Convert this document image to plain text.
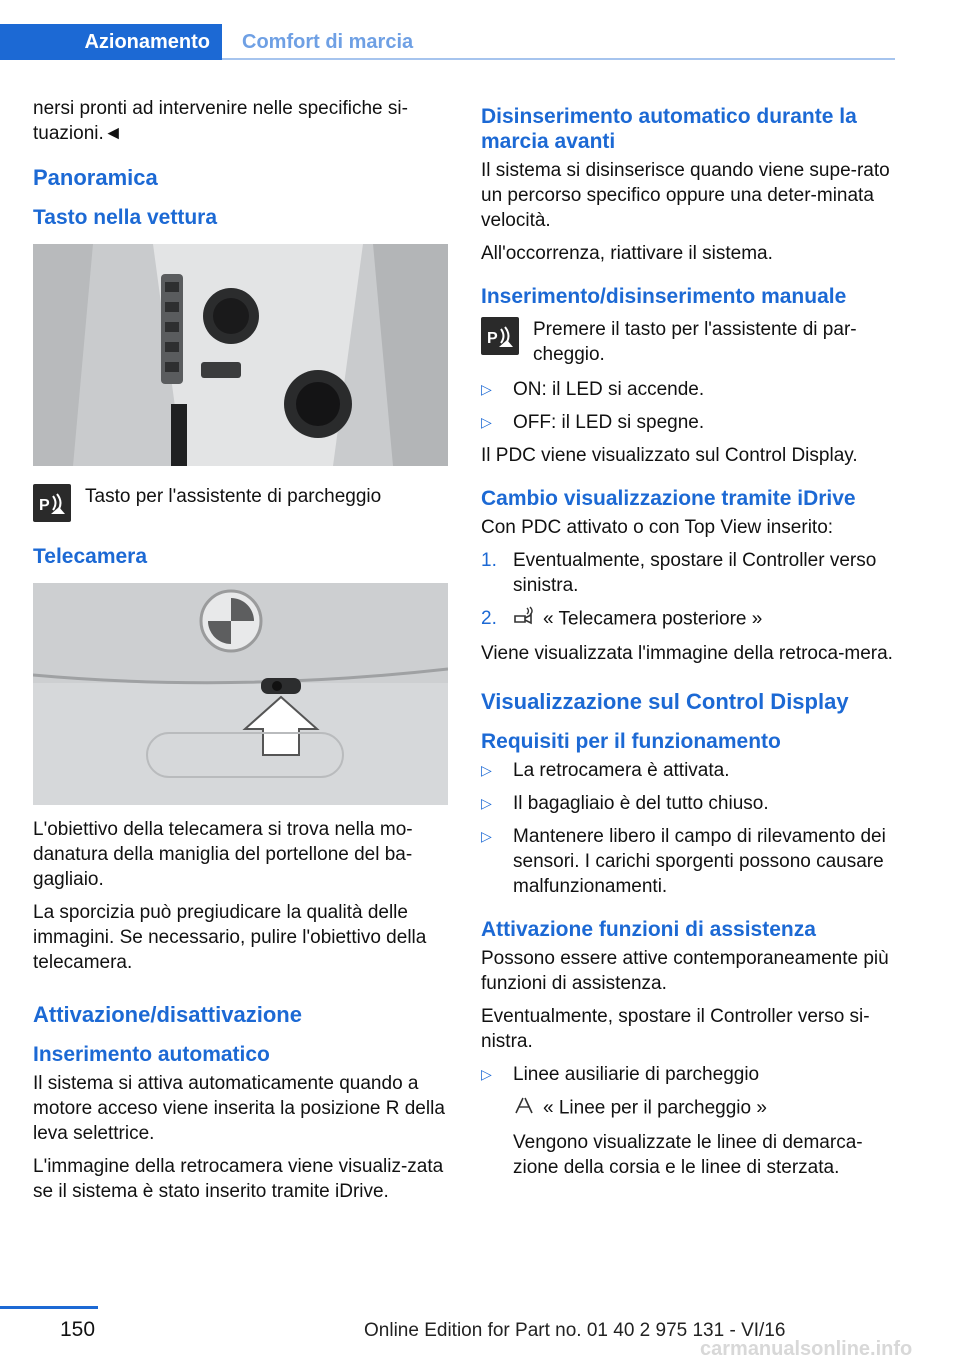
Azionamento	Comfort di marcia

nersi pronti ad intervenire nelle specifiche si‐tuazioni.◄

Panoramica
Tasto nella vettura
P Tasto per l'assistente di parcheggio
Telecamera

L'obiettivo della telecamera si trova nella mo‐danatura della maniglia del portellone del ba‐gagliaio.

La sporcizia può pregiudicare la qualità delle immagini. Se necessario, pulire l'obiettivo della telecamera.

Attivazione/disattivazione
Inserimento automatico

Il sistema si attiva automaticamente quando a motore acceso viene inserita la posizione R della leva selettrice.

L'immagine della retrocamera viene visualiz‐zata se il sistema è stato inserito tramite iDrive.

Disinserimento automatico durante la marcia avanti

Il sistema si disinserisce quando viene supe‐rato un percorso specifico oppure una deter‐minata velocità.

All'occorrenza, riattivare il sistema.

Inserimento/disinserimento manuale
P Premere il tasto per l'assistente di par‐cheggio.
▷	ON: il LED si accende.
▷	OFF: il LED si spegne.

Il PDC viene visualizzato sul Control Display.

Cambio visualizzazione tramite iDrive

Con PDC attivato o con Top View inserito:

1. Eventualmente, spostare il Controller verso sinistra.
2.	« Telecamera posteriore »

Viene visualizzata l'immagine della retroca‐mera.

Visualizzazione sul Control Display
Requisiti per il funzionamento
▷	La retrocamera è attivata.
▷	Il bagagliaio è del tutto chiuso.
▷	Mantenere libero il campo di rilevamento dei sensori. I carichi sporgenti possono causare malfunzionamenti.
Attivazione funzioni di assistenza

Possono essere attive contemporaneamente più funzioni di assistenza.

Eventualmente, spostare il Controller verso si‐nistra.

▷	Linee ausiliarie di parcheggio
« Linee per il parcheggio »
Vengono visualizzate le linee di demarca‐zione della corsia e le linee di sterzata.
150	Online Edition for Part no. 01 40 2 975 131 - VI/16
carmanualsonline.info
